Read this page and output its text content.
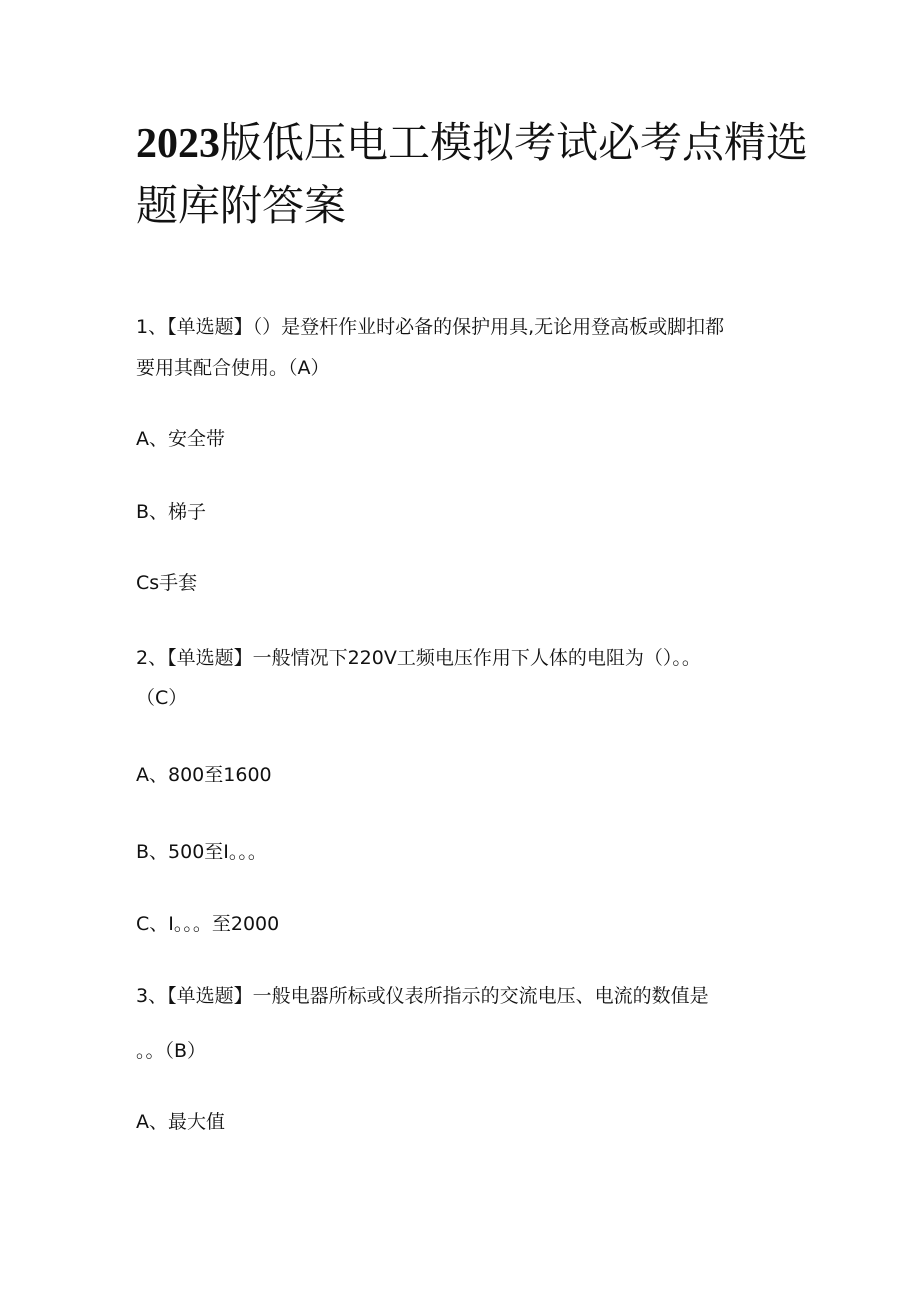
2023版低压电工模拟考试必考点精选题库附答案
1、【单选题】（）是登杆作业时必备的保护用具,无论用登高板或脚扣都
要用其配合使用。（A）
A、安全带
B、梯子
Cs手套
2、【单选题】一般情况下220V工频电压作用下人体的电阻为（）。。
（C）
A、800至1600
B、500至I。。。
C、I。。。至2000
3、【单选题】一般电器所标或仪表所指示的交流电压、电流的数值是
。。（B）
A、最大值
